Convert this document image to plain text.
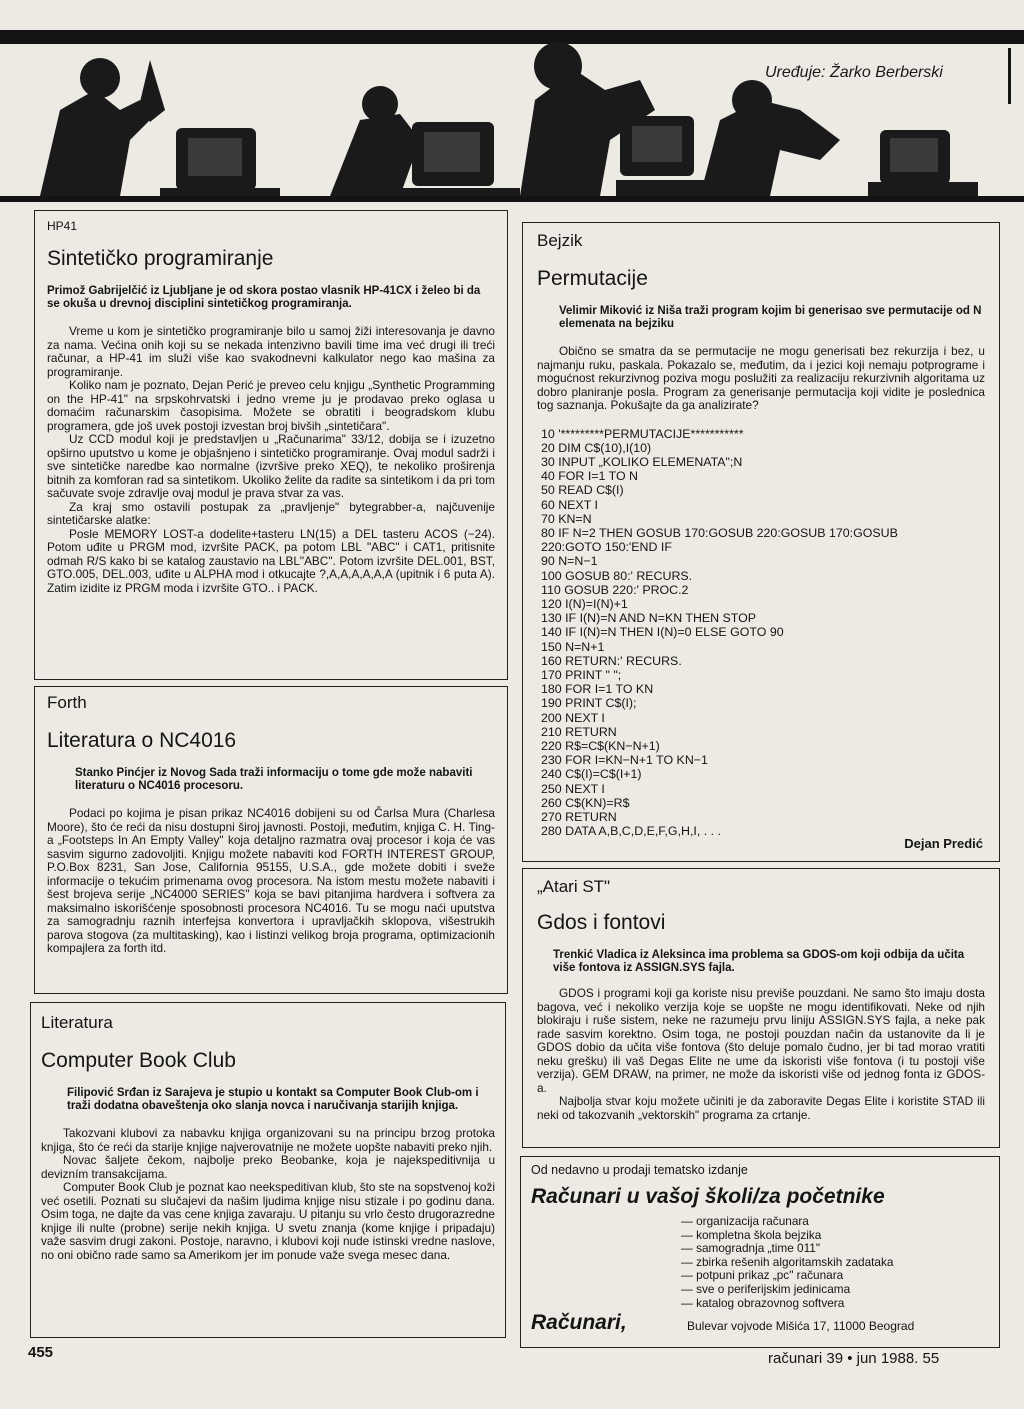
Uređuje: Žarko Berberski
HP41
Sintetičko programiranje

Primož Gabrijelčić iz Ljubljane je od skora postao vlasnik HP-41CX i želeo bi da se okuša u drevnoj disciplini sintetičkog programiranja.

Vreme u kom je sintetičko programiranje bilo u samoj žiži interesovanja je davno za nama. Većina onih koji su se nekada intenzivno bavili time ima već drugi ili treći računar, a HP-41 im služi više kao svakodnevni kalkulator nego kao mašina za programiranje.

Koliko nam je poznato, Dejan Perić je preveo celu knjigu „Synthetic Programming on the HP-41" na srpskohrvatski i jedno vreme ju je prodavao preko oglasa u domaćim računarskim časopisima. Možete se obratiti i beogradskom klubu programera, gde još uvek postoji izvestan broj bivših „sintetičara".

Uz CCD modul koji je predstavljen u „Računarima" 33/12, dobija se i izuzetno opširno uputstvo u kome je objašnjeno i sintetičko programiranje. Ovaj modul sadrži i sve sintetičke naredbe kao normalne (izvršive preko XEQ), te nekoliko proširenja bitnih za komforan rad sa sintetikom. Ukoliko želite da radite sa sintetikom i da pri tom sačuvate svoje zdravlje ovaj modul je prava stvar za vas.

Za kraj smo ostavili postupak za „pravljenje" bytegrabber-a, najčuvenije sintetičarske alatke:

Posle MEMORY LOST-a dodelite+tasteru LN(15) a DEL tasteru ACOS (−24). Potom uđite u PRGM mod, izvršite PACK, pa potom LBL "ABC" i CAT1, pritisnite odmah R/S kako bi se katalog zaustavio na LBL"ABC". Potom izvršite DEL.001, BST, GTO.005, DEL.003, uđite u ALPHA mod i otkucajte ?,A,A,A,A,A,A (upitnik i 6 puta A). Zatim izidite iz PRGM moda i izvršite GTO.. i PACK.

Forth
Literatura o NC4016

Stanko Pinćjer iz Novog Sada traži informaciju o tome gde može nabaviti literaturu o NC4016 procesoru.

Podaci po kojima je pisan prikaz NC4016 dobijeni su od Čarlsa Mura (Charlesa Moore), što će reći da nisu dostupni široj javnosti. Postoji, međutim, knjiga C. H. Ting-a „Footsteps In An Empty Valley" koja detaljno razmatra ovaj procesor i koja će vas sasvim sigurno zadovoljiti. Knjigu možete nabaviti kod FORTH INTEREST GROUP, P.O.Box 8231, San Jose, California 95155, U.S.A., gde možete dobiti i sveže informacije o tekućim primenama ovog procesora. Na istom mestu možete nabaviti i šest brojeva serije „NC4000 SERIES" koja se bavi pitanjima hardvera i softvera za maksimalno iskorišćenje sposobnosti procesora NC4016. Tu se mogu naći uputstva za samogradnju raznih interfejsa konvertora i upravljačkih sklopova, višestrukih parova stogova (za multitasking), kao i listinzi velikog broja programa, optimizacionih kompajlera za forth itd.

Literatura
Computer Book Club

Filipović Srđan iz Sarajeva je stupio u kontakt sa Computer Book Club-om i traži dodatna obaveštenja oko slanja novca i naručivanja starijih knjiga.

Takozvani klubovi za nabavku knjiga organizovani su na principu brzog protoka knjiga, što će reći da starije knjige najverovatnije ne možete uopšte nabaviti preko njih.

Novac šaljete čekom, najbolje preko Beobanke, koja je najekspeditivnija u devizním transakcijama.

Computer Book Club je poznat kao neekspeditivan klub, što ste na sopstvenoj koži već osetili. Poznati su slučajevi da našim ljudima knjige nisu stizale i po godinu dana. Osim toga, ne dajte da vas cene knjiga zavaraju. U pitanju su vrlo često drugorazredne knjige ili nulte (probne) serije nekih knjiga. U svetu znanja (kome knjige i pripadaju) važe sasvim drugi zakoni. Postoje, naravno, i klubovi koji nude istinski vredne naslove, no oni obično rade samo sa Amerikom jer im ponude važe svega mesec dana.

Bejzik
Permutacije

Velimir Miković iz Niša traži program kojim bi generisao sve permutacije od N elemenata na bejziku

Obično se smatra da se permutacije ne mogu generisati bez rekurzija i bez, u najmanju ruku, paskala. Pokazalo se, međutim, da i jezici koji nemaju potprograme i mogućnost rekurzivnog poziva mogu poslužiti za realizaciju rekurzivnih algoritama uz dobro planiranje posla. Program za generisanje permutacija koji vidite je poslednica tog saznanja. Pokušajte da ga analizirate?

10 '*********PERMUTACIJE***********
20 DIM C$(10),I(10)
30 INPUT „KOLIKO ELEMENATA";N
40 FOR I=1 TO N
50 READ C$(I)
60 NEXT I
70 KN=N
80 IF N=2 THEN GOSUB 170:GOSUB 220:GOSUB 170:GOSUB
220:GOTO 150:'END IF
90 N=N−1
100 GOSUB 80:' RECURS.
110 GOSUB 220:' PROC.2
120 I(N)=I(N)+1
130 IF I(N)=N AND N=KN THEN STOP
140 IF I(N)=N THEN I(N)=0 ELSE GOTO 90
150 N=N+1
160 RETURN:' RECURS.
170 PRINT " ";
180 FOR I=1 TO KN
190 PRINT C$(I);
200 NEXT I
210 RETURN
220 R$=C$(KN−N+1)
230 FOR I=KN−N+1 TO KN−1
240 C$(I)=C$(I+1)
250 NEXT I
260 C$(KN)=R$
270 RETURN
280 DATA A,B,C,D,E,F,G,H,I, . . .
Dejan Predić
„Atari ST"
Gdos i fontovi

Trenkić Vladica iz Aleksinca ima problema sa GDOS-om koji odbija da učita više fontova iz ASSIGN.SYS fajla.

GDOS i programi koji ga koriste nisu previše pouzdani. Ne samo što imaju dosta bagova, već i nekoliko verzija koje se uopšte ne mogu identifikovati. Neke od njih blokiraju i ruše sistem, neke ne razumeju prvu liniju ASSIGN.SYS fajla, a neke pak rade sasvim korektno. Osim toga, ne postoji pouzdan način da ustanovite da li je GDOS dobio da učita više fontova (što deluje pomalo čudno, jer bi tad morao vratiti neku grešku) ili vaš Degas Elite ne ume da iskoristi više fontova (i tu postoji više verzija). GEM DRAW, na primer, ne može da iskoristi više od jednog fonta iz GDOS-a.

Najbolja stvar koju možete učiniti je da zaboravite Degas Elite i koristite STAD ili neki od takozvanih „vektorskih" programa za crtanje.

Od nedavno u prodaji tematsko izdanje
Računari u vašoj školi/za početnike
— organizacija računara
— kompletna škola bejzika
— samogradnja „time 011"
— zbirka rešenih algoritamskih zadataka
— potpuni prikaz „pc" računara
— sve o periferijskim jedinicama
— katalog obrazovnog softvera
Računari,	Bulevar vojvode Mišića 17, 11000 Beograd
455	računari 39 • jun 1988. 55
